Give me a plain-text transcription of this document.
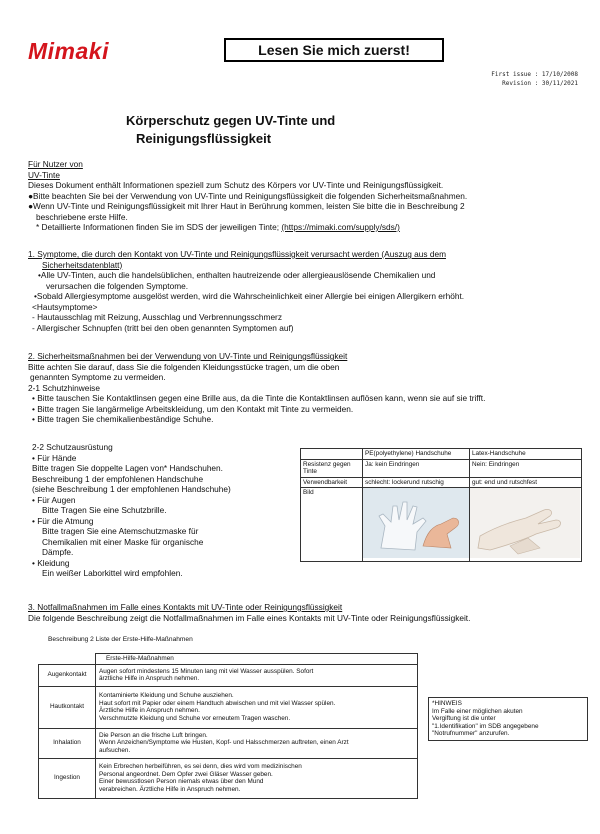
Mimaki	Lesen Sie mich zuerst!
First issue : 17/10/2008
Revision : 30/11/2021
Körperschutz gegen UV-Tinte und
Reinigungsflüssigkeit
Für Nutzer von
UV-Tinte
Dieses Dokument enthält Informationen speziell zum Schutz des Körpers vor UV-Tinte und Reinigungsflüssigkeit.
●Bitte beachten Sie bei der Verwendung von UV-Tinte und Reinigungsflüssigkeit die folgenden Sicherheitsmaßnahmen.
●Wenn UV-Tinte und Reinigungsflüssigkeit mit Ihrer Haut in Berührung kommen, leisten Sie bitte die in Beschreibung 2
beschriebene erste Hilfe.
* Detaillierte Informationen finden Sie im SDS der jeweiligen Tinte; (https://mimaki.com/supply/sds/)
1. Symptome, die durch den Kontakt von UV-Tinte und Reinigungsflüssigkeit verursacht werden (Auszug aus dem
Sicherheitsdatenblatt)
•Alle UV-Tinten, auch die handelsüblichen, enthalten hautreizende oder allergieauslösende Chemikalien und
verursachen die folgenden Symptome.
•Sobald Allergiesymptome ausgelöst werden, wird die Wahrscheinlichkeit einer Allergie bei einigen Allergikern erhöht.
<Hautsymptome>
- Hautausschlag mit Reizung, Ausschlag und Verbrennungsschmerz
- Allergischer Schnupfen (tritt bei den oben genannten Symptomen auf)
2. Sicherheitsmaßnahmen bei der Verwendung von UV-Tinte und Reinigungsflüssigkeit
Bitte achten Sie darauf, dass Sie die folgenden Kleidungsstücke tragen, um die oben
genannten Symptome zu vermeiden.
2-1 Schutzhinweise
• Bitte tauschen Sie Kontaktlinsen gegen eine Brille aus, da die Tinte die Kontaktlinsen auflösen kann, wenn sie auf sie trifft.
• Bitte tragen Sie langärmelige Arbeitskleidung, um den Kontakt mit Tinte zu vermeiden.
• Bitte tragen Sie chemikalienbeständige Schuhe.
2-2 Schutzausrüstung
• Für Hände
Bitte tragen Sie doppelte Lagen von* Handschuhen.
Beschreibung 1 der empfohlenen Handschuhe
(siehe Beschreibung 1 der empfohlenen Handschuhe)
• Für Augen
Bitte Tragen Sie eine Schutzbrille.
• Für die Atmung
Bitte tragen Sie eine Atemschutzmaske für
Chemikalien mit einer Maske für organische
Dämpfe.
• Kleidung
Ein weißer Laborkittel wird empfohlen.
	PE(polyethylene) Handschuhe	Latex-Handschuhe
Resistenz gegen Tinte	Ja: kein Eindringen	Nein: Eindringen
Verwendbarkeit	schlecht: lockerund rutschig	gut: end und rutschfest
Bild		
3. Notfallmaßnahmen im Falle eines Kontakts mit UV-Tinte oder Reinigungsflüssigkeit
Die folgende Beschreibung zeigt die Notfallmaßnahmen im Falle eines Kontakts mit UV-Tinte oder Reinigungsflüssigkeit.
Beschreibung 2 Liste der Erste-Hilfe-Maßnahmen
	Erste-Hilfe-Maßnahmen
Augenkontakt	Augen sofort mindestens 15 Minuten lang mit viel Wasser ausspülen. Sofort
ärztliche Hilfe in Anspruch nehmen.

Hautkontakt	Kontaminierte Kleidung und Schuhe ausziehen.
Haut sofort mit Papier oder einem Handtuch abwischen und mit viel Wasser spülen.
Ärztliche Hilfe in Anspruch nehmen.
Verschmutzte Kleidung und Schuhe vor erneutem Tragen waschen.

Inhalation	Die Person an die frische Luft bringen.
Wenn Anzeichen/Symptome wie Husten, Kopf- und Halsschmerzen auftreten, einen Arzt
aufsuchen.

Ingestion	Kein Erbrechen herbeiführen, es sei denn, dies wird vom medizinischen
Personal angeordnet. Dem Opfer zwei Gläser Wasser geben.
Einer bewusstlosen Person niemals etwas über den Mund
verabreichen. Ärztliche Hilfe in Anspruch nehmen.
*HINWEIS
Im Falle einer möglichen akuten
Vergiftung ist die unter
"1.Identifikation" im SDB angegebene
"Notrufnummer" anzurufen.
